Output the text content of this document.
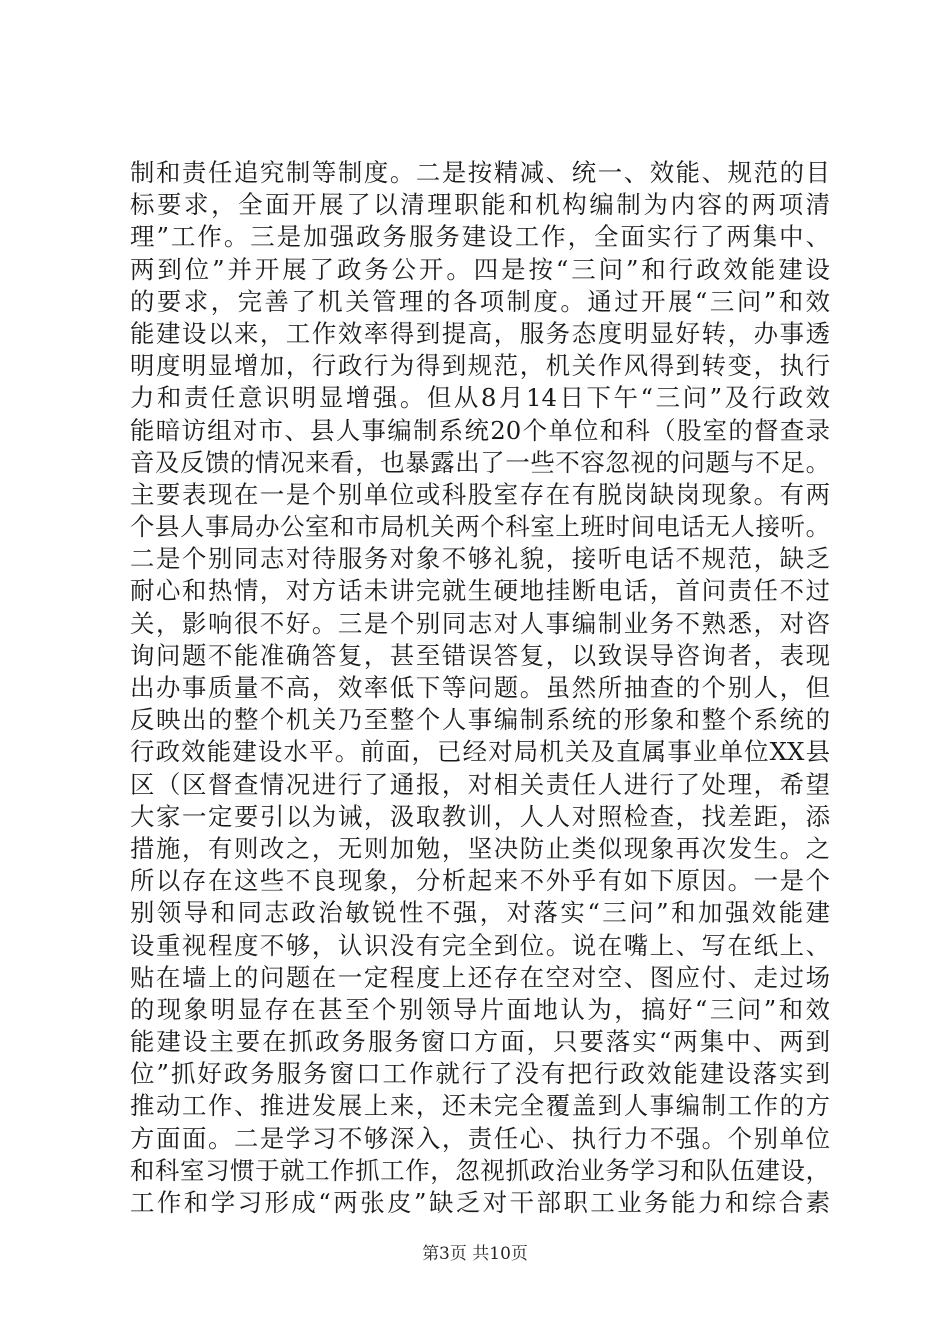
制和责任追究制等制度。二是按精减、统一、效能、规范的目
标要求，全面开展了以清理职能和机构编制为内容的两项清
理”工作。三是加强政务服务建设工作，全面实行了两集中、
两到位”并开展了政务公开。四是按“三问”和行政效能建设
的要求，完善了机关管理的各项制度。通过开展“三问”和效
能建设以来，工作效率得到提高，服务态度明显好转，办事透
明度明显增加，行政行为得到规范，机关作风得到转变，执行
力和责任意识明显增强。但从8月14日下午“三问”及行政效
能暗访组对市、县人事编制系统20个单位和科（股室的督查录
音及反馈的情况来看，也暴露出了一些不容忽视的问题与不足。
主要表现在一是个别单位或科股室存在有脱岗缺岗现象。有两
个县人事局办公室和市局机关两个科室上班时间电话无人接听。
二是个别同志对待服务对象不够礼貌，接听电话不规范，缺乏
耐心和热情，对方话未讲完就生硬地挂断电话，首问责任不过
关，影响很不好。三是个别同志对人事编制业务不熟悉，对咨
询问题不能准确答复，甚至错误答复，以致误导咨询者，表现
出办事质量不高，效率低下等问题。虽然所抽查的个别人，但
反映出的整个机关乃至整个人事编制系统的形象和整个系统的
行政效能建设水平。前面，已经对局机关及直属事业单位XX县
区（区督查情况进行了通报，对相关责任人进行了处理，希望
大家一定要引以为诫，汲取教训，人人对照检查，找差距，添
措施，有则改之，无则加勉，坚决防止类似现象再次发生。之
所以存在这些不良现象，分析起来不外乎有如下原因。一是个
别领导和同志政治敏锐性不强，对落实“三问”和加强效能建
设重视程度不够，认识没有完全到位。说在嘴上、写在纸上、
贴在墙上的问题在一定程度上还存在空对空、图应付、走过场
的现象明显存在甚至个别领导片面地认为，搞好“三问”和效
能建设主要在抓政务服务窗口方面，只要落实“两集中、两到
位”抓好政务服务窗口工作就行了没有把行政效能建设落实到
推动工作、推进发展上来，还未完全覆盖到人事编制工作的方
方面面。二是学习不够深入，责任心、执行力不强。个别单位
和科室习惯于就工作抓工作，忽视抓政治业务学习和队伍建设，
工作和学习形成“两张皮”缺乏对干部职工业务能力和综合素
第3页 共10页
